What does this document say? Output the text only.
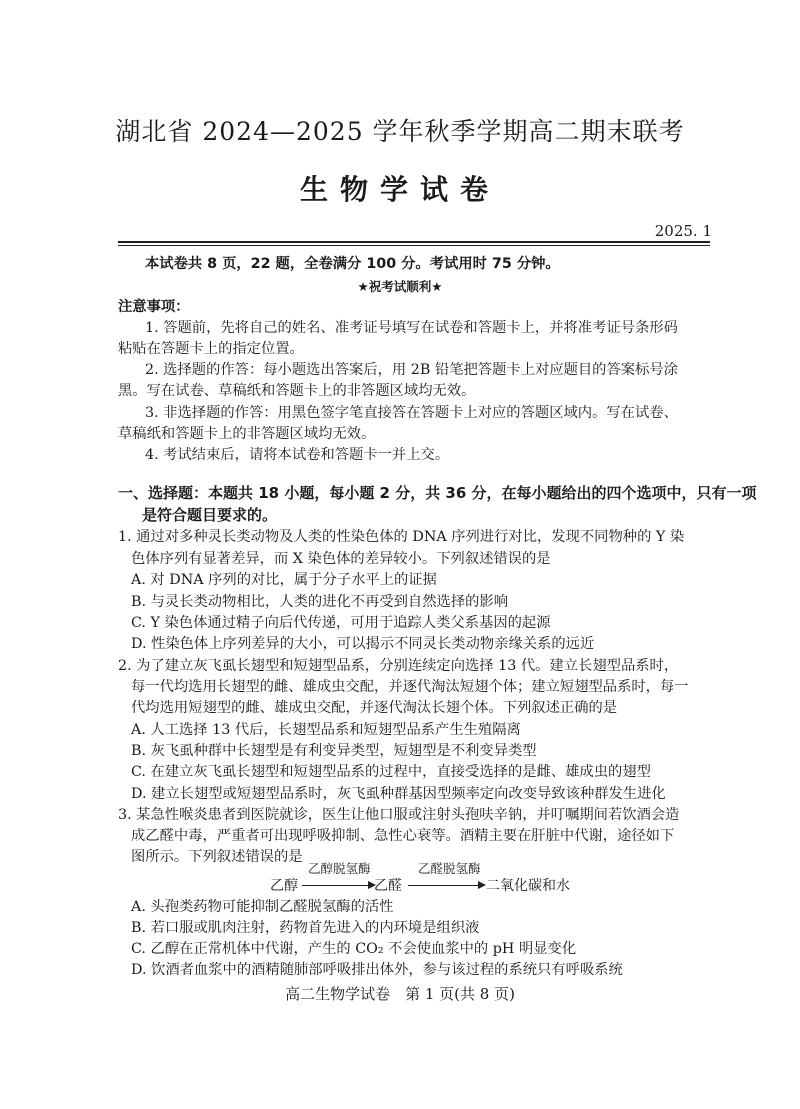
湖北省 2024—2025 学年秋季学期高二期末联考
生物学试卷
2025. 1
本试卷共 8 页，22 题，全卷满分 100 分。考试用时 75 分钟。
★祝考试顺利★
注意事项：
1. 答题前，先将自己的姓名、准考证号填写在试卷和答题卡上，并将准考证号条形码
粘贴在答题卡上的指定位置。
2. 选择题的作答：每小题选出答案后，用 2B 铅笔把答题卡上对应题目的答案标号涂
黑。写在试卷、草稿纸和答题卡上的非答题区域均无效。
3. 非选择题的作答：用黑色签字笔直接答在答题卡上对应的答题区域内。写在试卷、
草稿纸和答题卡上的非答题区域均无效。
4. 考试结束后，请将本试卷和答题卡一并上交。
一、选择题：本题共 18 小题，每小题 2 分，共 36 分，在每小题给出的四个选项中，只有一项
是符合题目要求的。
1. 通过对多种灵长类动物及人类的性染色体的 DNA 序列进行对比，发现不同物种的 Y 染
色体序列有显著差异，而 X 染色体的差异较小。下列叙述错误的是
A. 对 DNA 序列的对比，属于分子水平上的证据
B. 与灵长类动物相比，人类的进化不再受到自然选择的影响
C. Y 染色体通过精子向后代传递，可用于追踪人类父系基因的起源
D. 性染色体上序列差异的大小，可以揭示不同灵长类动物亲缘关系的远近
2. 为了建立灰飞虱长翅型和短翅型品系，分别连续定向选择 13 代。建立长翅型品系时，
每一代均选用长翅型的雌、雄成虫交配，并逐代淘汰短翅个体；建立短翅型品系时，每一
代均选用短翅型的雌、雄成虫交配，并逐代淘汰长翅个体。下列叙述正确的是
A. 人工选择 13 代后，长翅型品系和短翅型品系产生生殖隔离
B. 灰飞虱种群中长翅型是有利变异类型，短翅型是不利变异类型
C. 在建立灰飞虱长翅型和短翅型品系的过程中，直接受选择的是雌、雄成虫的翅型
D. 建立长翅型或短翅型品系时，灰飞虱种群基因型频率定向改变导致该种群发生进化
3. 某急性喉炎患者到医院就诊，医生让他口服或注射头孢呋辛钠，并叮嘱期间若饮酒会造
成乙醛中毒，严重者可出现呼吸抑制、急性心衰等。酒精主要在肝脏中代谢，途径如下
图所示。下列叙述错误的是
乙醇
乙醇脱氢酶
乙醛
乙醛脱氢酶
二氧化碳和水
A. 头孢类药物可能抑制乙醛脱氢酶的活性
B. 若口服或肌肉注射，药物首先进入的内环境是组织液
C. 乙醇在正常机体中代谢，产生的 CO₂ 不会使血浆中的 pH 明显变化
D. 饮酒者血浆中的酒精随肺部呼吸排出体外，参与该过程的系统只有呼吸系统
高二生物学试卷　第 1 页(共 8 页)
